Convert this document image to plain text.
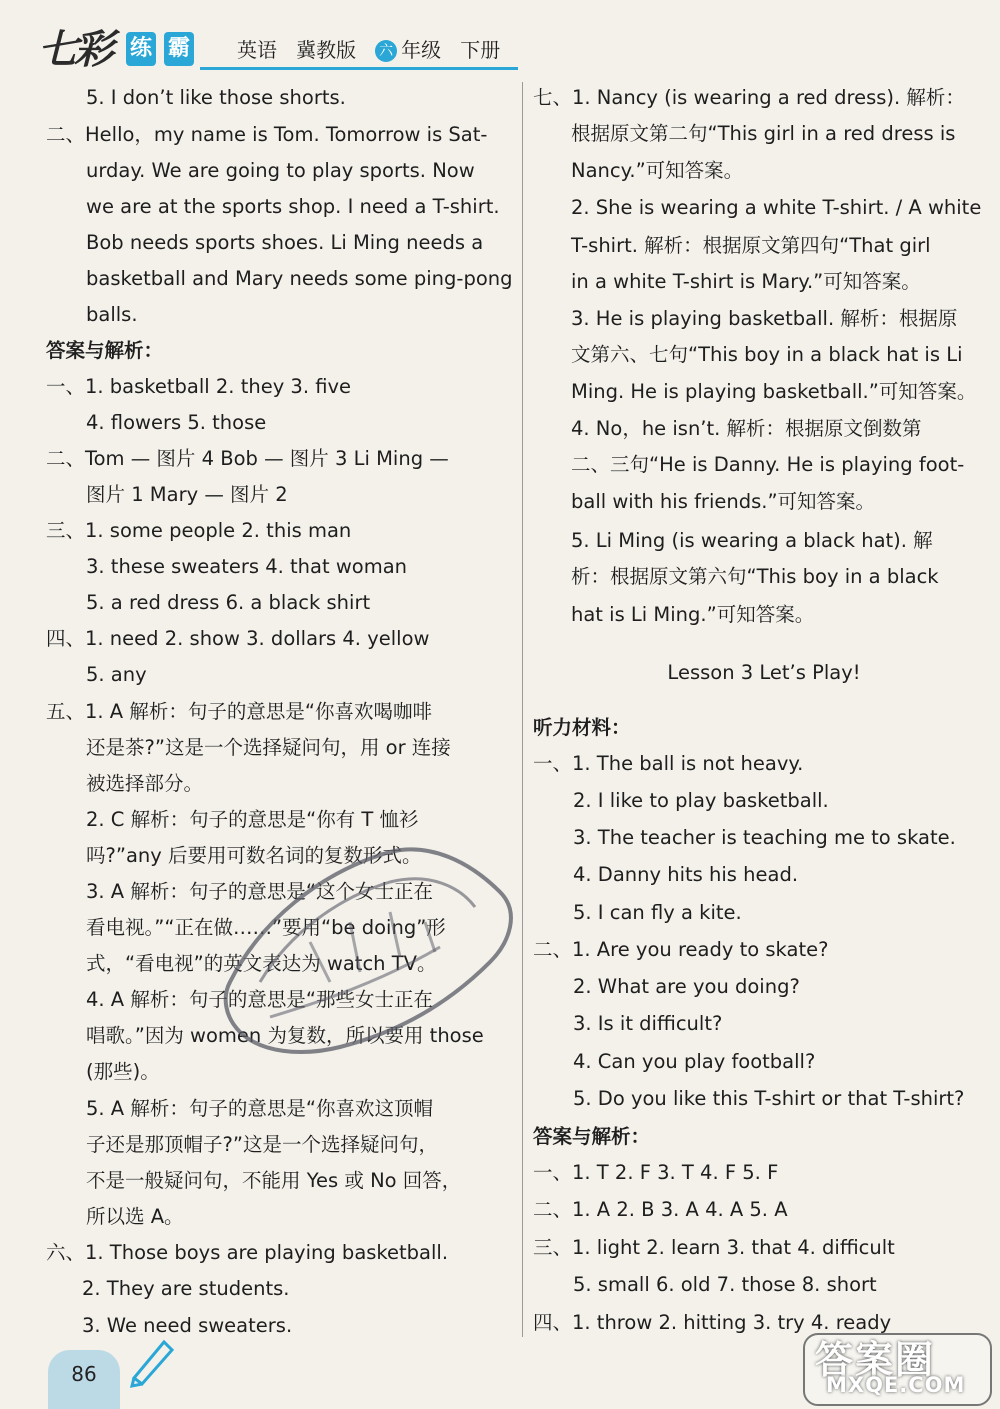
七彩 练 霸 英语 冀教版 六 年级 下册
5. I don’t like those shorts.
二、Hello，my name is Tom. Tomorrow is Sat-
urday. We are going to play sports. Now
we are at the sports shop. I need a T-shirt.
Bob needs sports shoes. Li Ming needs a
basketball and Mary needs some ping-pong
balls.
答案与解析：
一、1. basketball 2. they 3. five
4. flowers 5. those
二、Tom — 图片 4 Bob — 图片 3 Li Ming —
图片 1 Mary — 图片 2
三、1. some people 2. this man
3. these sweaters 4. that woman
5. a red dress 6. a black shirt
四、1. need 2. show 3. dollars 4. yellow
5. any
五、1. A 解析：句子的意思是“你喜欢喝咖啡
还是茶?”这是一个选择疑问句，用 or 连接
被选择部分。
2. C 解析：句子的意思是“你有 T 恤衫
吗?”any 后要用可数名词的复数形式。
3. A 解析：句子的意思是“这个女士正在
看电视。”“正在做……”要用“be doing”形
式，“看电视”的英文表达为 watch TV。
4. A 解析：句子的意思是“那些女士正在
唱歌。”因为 women 为复数，所以要用 those
(那些)。
5. A 解析：句子的意思是“你喜欢这顶帽
子还是那顶帽子?”这是一个选择疑问句，
不是一般疑问句，不能用 Yes 或 No 回答，
所以选 A。
六、1. Those boys are playing basketball.
2. They are students.
3. We need sweaters.
七、1. Nancy (is wearing a red dress). 解析：
根据原文第二句“This girl in a red dress is
Nancy.”可知答案。
2. She is wearing a white T-shirt. / A white
T-shirt. 解析：根据原文第四句“That girl
in a white T-shirt is Mary.”可知答案。
3. He is playing basketball. 解析：根据原
文第六、七句“This boy in a black hat is Li
Ming. He is playing basketball.”可知答案。
4. No，he isn’t. 解析：根据原文倒数第
二、三句“He is Danny. He is playing foot-
ball with his friends.”可知答案。
5. Li Ming (is wearing a black hat). 解
析：根据原文第六句“This boy in a black
hat is Li Ming.”可知答案。
Lesson 3 Let’s Play!
听力材料：
一、1. The ball is not heavy.
2. I like to play basketball.
3. The teacher is teaching me to skate.
4. Danny hits his head.
5. I can fly a kite.
二、1. Are you ready to skate?
2. What are you doing?
3. Is it difficult?
4. Can you play football?
5. Do you like this T-shirt or that T-shirt?
答案与解析：
一、1. T 2. F 3. T 4. F 5. F
二、1. A 2. B 3. A 4. A 5. A
三、1. light 2. learn 3. that 4. difficult
5. small 6. old 7. those 8. short
四、1. throw 2. hitting 3. try 4. ready
86	答案圈
MXQE.COM
